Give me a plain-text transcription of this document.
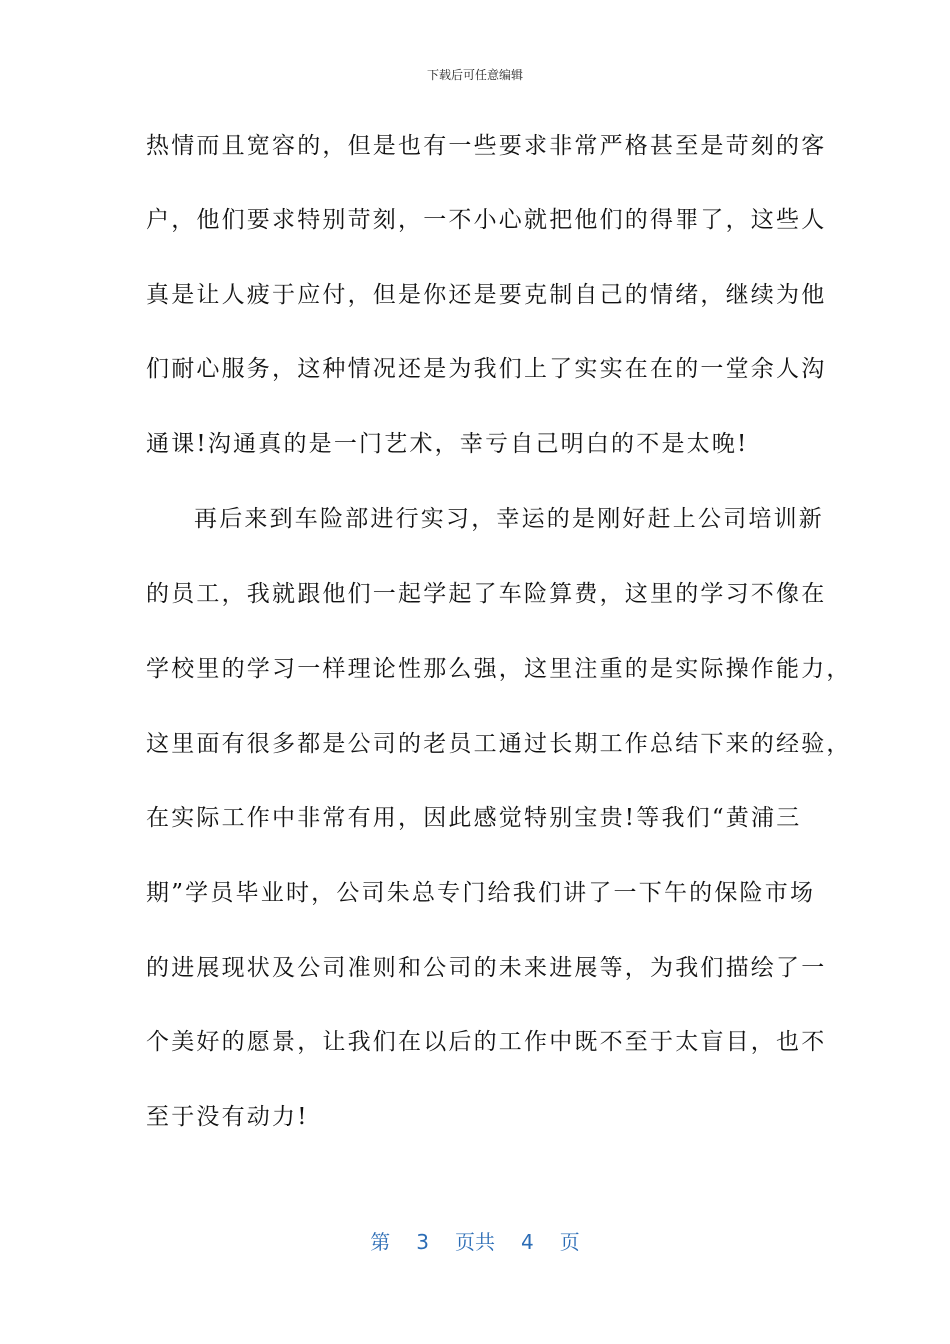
下载后可任意编辑
热情而且宽容的，但是也有一些要求非常严格甚至是苛刻的客
户，他们要求特别苛刻，一不小心就把他们的得罪了，这些人
真是让人疲于应付，但是你还是要克制自己的情绪，继续为他
们耐心服务，这种情况还是为我们上了实实在在的一堂余人沟
通课!沟通真的是一门艺术，幸亏自己明白的不是太晚!
再后来到车险部进行实习，幸运的是刚好赶上公司培训新
的员工，我就跟他们一起学起了车险算费，这里的学习不像在
学校里的学习一样理论性那么强，这里注重的是实际操作能力，
这里面有很多都是公司的老员工通过长期工作总结下来的经验，
在实际工作中非常有用，因此感觉特别宝贵!等我们“黄浦三
期”学员毕业时，公司朱总专门给我们讲了一下午的保险市场
的进展现状及公司准则和公司的未来进展等，为我们描绘了一
个美好的愿景，让我们在以后的工作中既不至于太盲目，也不
至于没有动力!
第 3 页共 4 页
